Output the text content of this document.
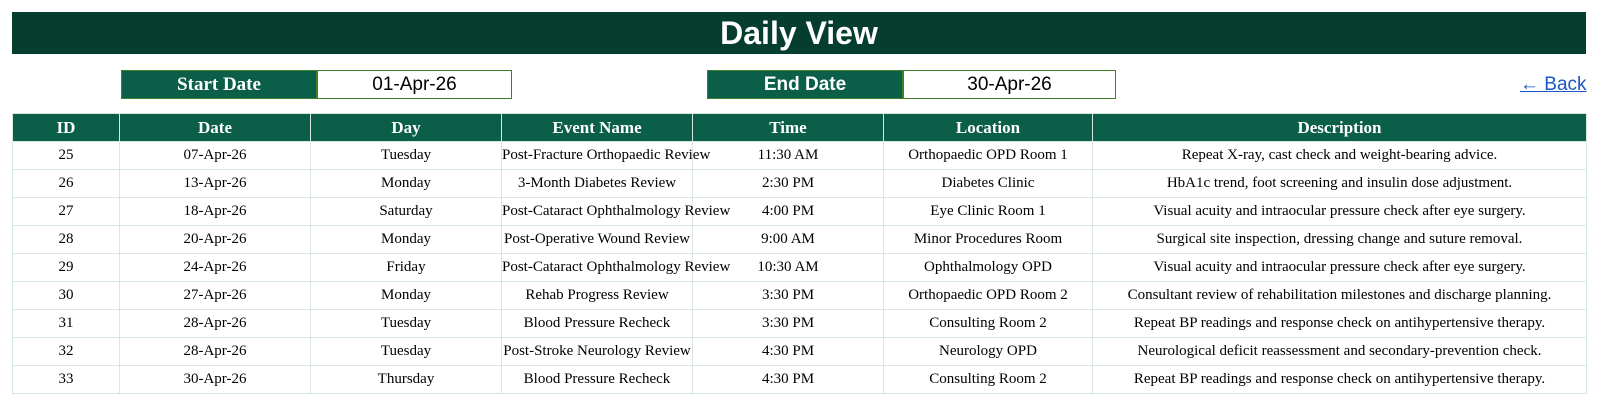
Daily View
Start Date	01-Apr-26	End Date	30-Apr-26	← Back
ID	Date	Day	Event Name	Time	Location	Description
25	07-Apr-26	Tuesday	Post-Fracture Orthopaedic Review	11:30 AM	Orthopaedic OPD Room 1	Repeat X-ray, cast check and weight-bearing advice.
26	13-Apr-26	Monday	3-Month Diabetes Review	2:30 PM	Diabetes Clinic	HbA1c trend, foot screening and insulin dose adjustment.
27	18-Apr-26	Saturday	Post-Cataract Ophthalmology Review	4:00 PM	Eye Clinic Room 1	Visual acuity and intraocular pressure check after eye surgery.
28	20-Apr-26	Monday	Post-Operative Wound Review	9:00 AM	Minor Procedures Room	Surgical site inspection, dressing change and suture removal.
29	24-Apr-26	Friday	Post-Cataract Ophthalmology Review	10:30 AM	Ophthalmology OPD	Visual acuity and intraocular pressure check after eye surgery.
30	27-Apr-26	Monday	Rehab Progress Review	3:30 PM	Orthopaedic OPD Room 2	Consultant review of rehabilitation milestones and discharge planning.
31	28-Apr-26	Tuesday	Blood Pressure Recheck	3:30 PM	Consulting Room 2	Repeat BP readings and response check on antihypertensive therapy.
32	28-Apr-26	Tuesday	Post-Stroke Neurology Review	4:30 PM	Neurology OPD	Neurological deficit reassessment and secondary-prevention check.
33	30-Apr-26	Thursday	Blood Pressure Recheck	4:30 PM	Consulting Room 2	Repeat BP readings and response check on antihypertensive therapy.
